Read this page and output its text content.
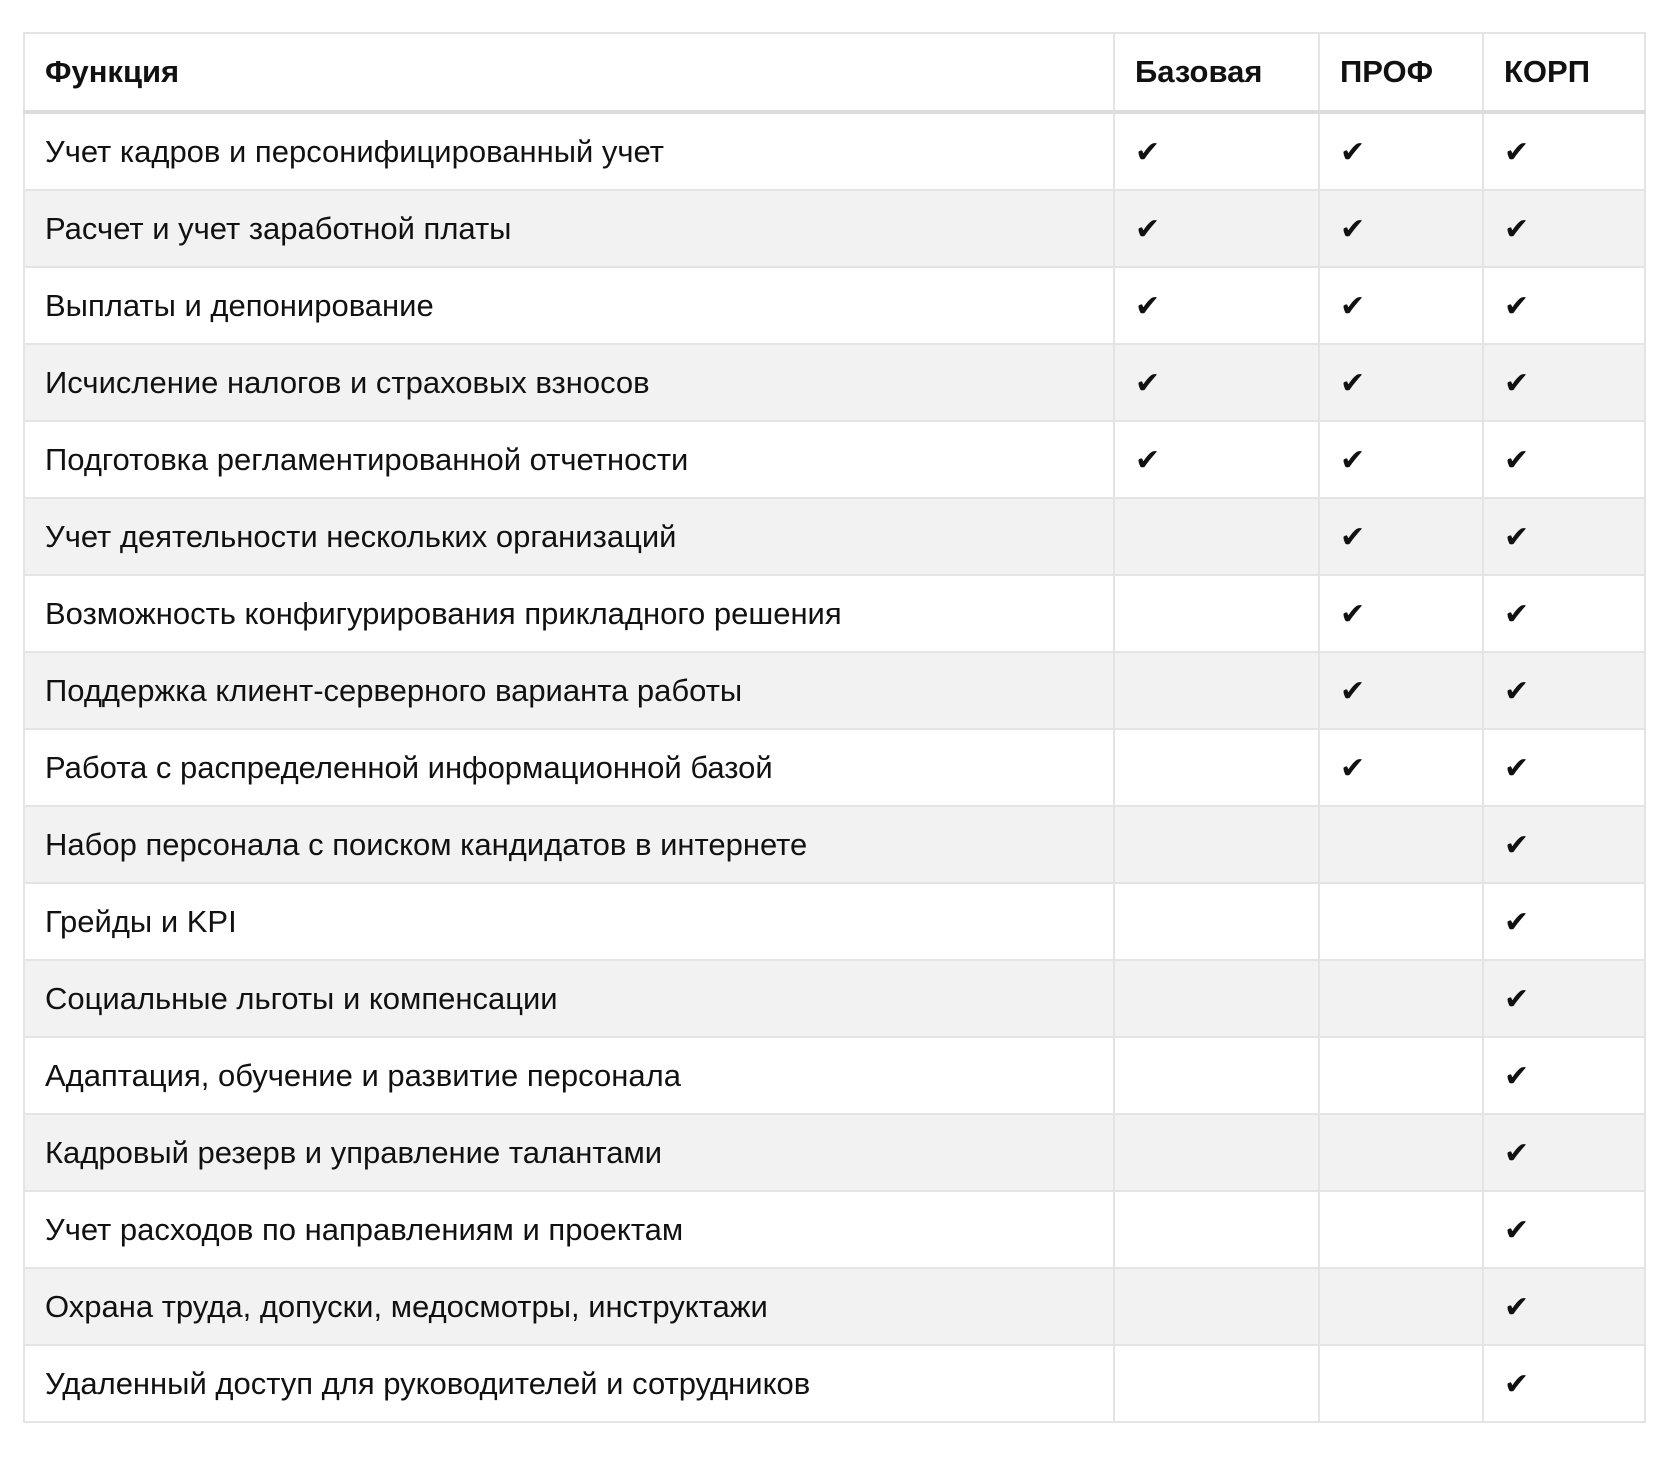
Функция	Базовая	ПРОФ	КОРП
Учет кадров и персонифицированный учет	✔	✔	✔
Расчет и учет заработной платы	✔	✔	✔
Выплаты и депонирование	✔	✔	✔
Исчисление налогов и страховых взносов	✔	✔	✔
Подготовка регламентированной отчетности	✔	✔	✔
Учет деятельности нескольких организаций		✔	✔
Возможность конфигурирования прикладного решения		✔	✔
Поддержка клиент-серверного варианта работы		✔	✔
Работа с распределенной информационной базой		✔	✔
Набор персонала с поиском кандидатов в интернете			✔
Грейды и KPI			✔
Социальные льготы и компенсации			✔
Адаптация, обучение и развитие персонала			✔
Кадровый резерв и управление талантами			✔
Учет расходов по направлениям и проектам			✔
Охрана труда, допуски, медосмотры, инструктажи			✔
Удаленный доступ для руководителей и сотрудников			✔
